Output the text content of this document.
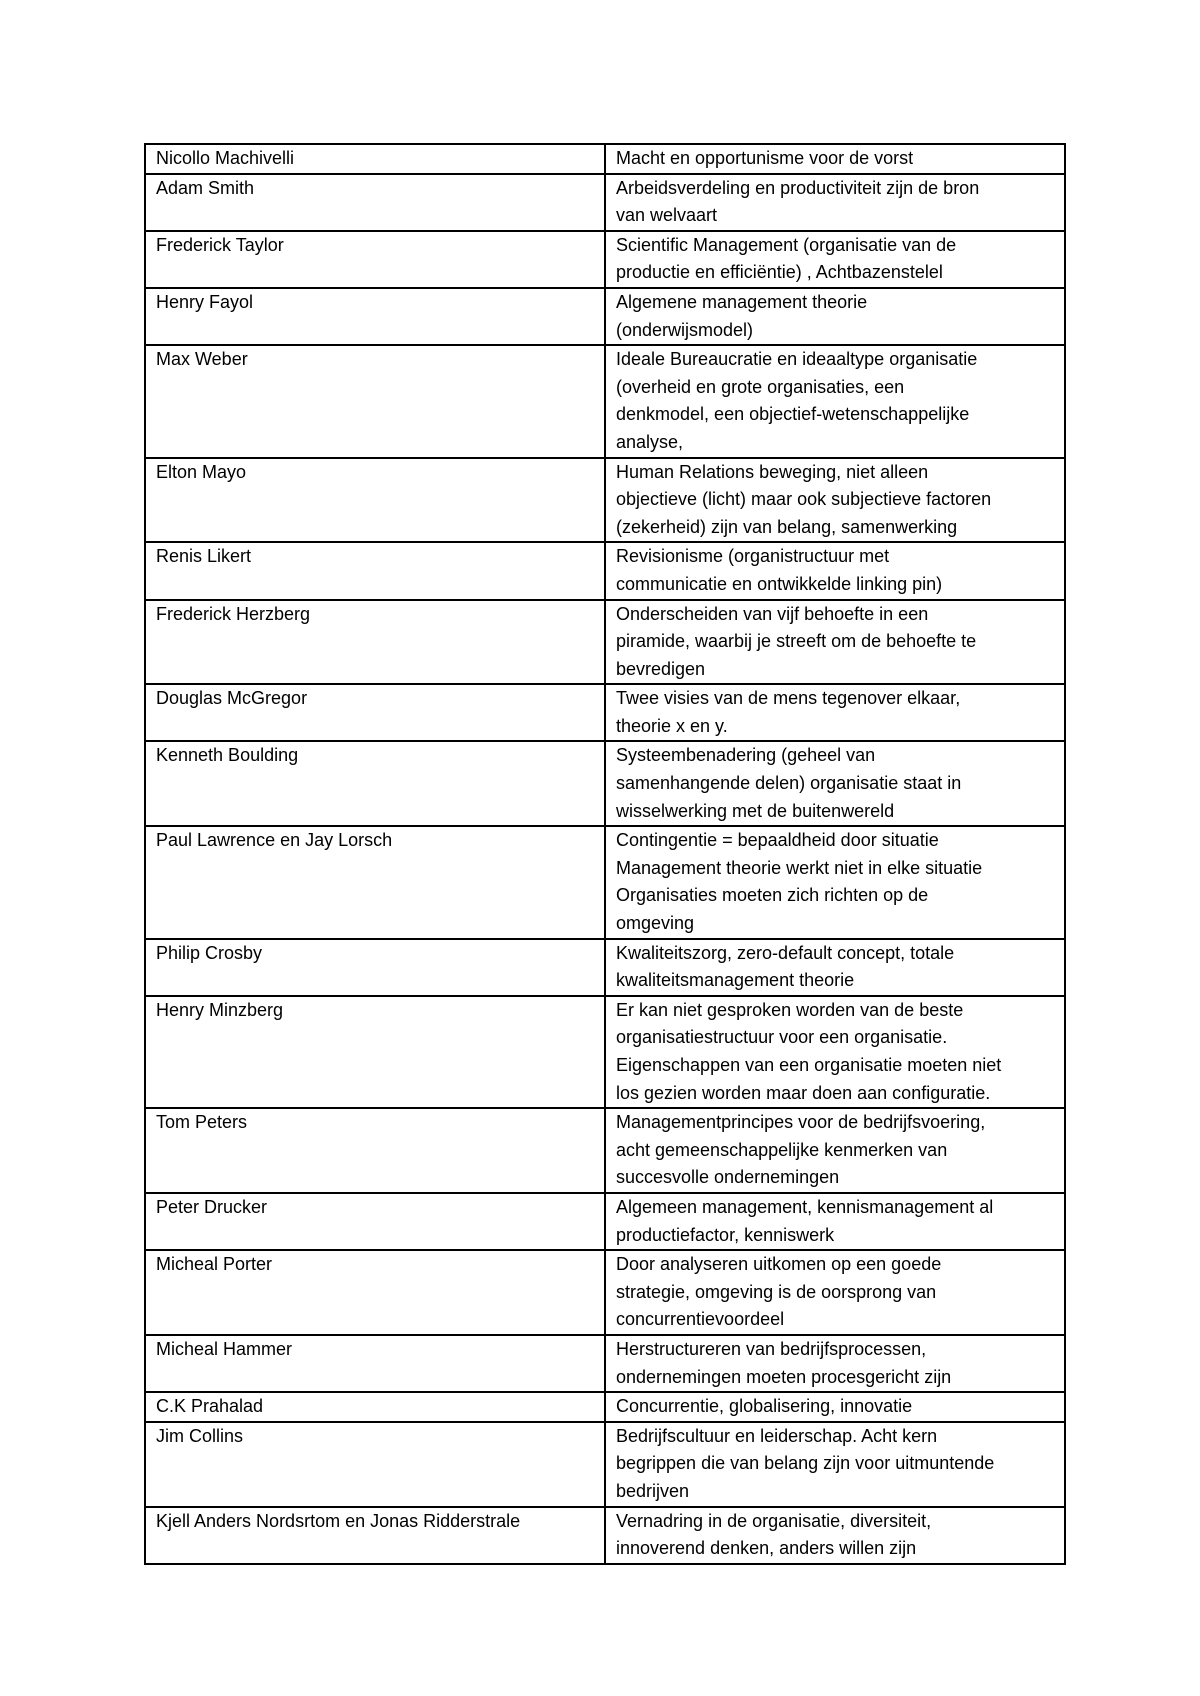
Nicollo Machivelli	Macht en opportunisme voor de vorst

Adam Smith	Arbeidsverdeling en productiviteit zijn de bron
van welvaart

Frederick Taylor	Scientific Management (organisatie van de
productie en efficiëntie) , Achtbazenstelel

Henry Fayol	Algemene management theorie
(onderwijsmodel)

Max Weber	Ideale Bureaucratie en ideaaltype organisatie
(overheid en grote organisaties, een
denkmodel, een objectief-wetenschappelijke
analyse,

Elton Mayo	Human Relations beweging, niet alleen
objectieve (licht) maar ook subjectieve factoren
(zekerheid) zijn van belang, samenwerking

Renis Likert	Revisionisme (organistructuur met
communicatie en ontwikkelde linking pin)

Frederick Herzberg	Onderscheiden van vijf behoefte in een
piramide, waarbij je streeft om de behoefte te
bevredigen

Douglas McGregor	Twee visies van de mens tegenover elkaar,
theorie x en y.

Kenneth Boulding	Systeembenadering (geheel van
samenhangende delen) organisatie staat in
wisselwerking met de buitenwereld

Paul Lawrence en Jay Lorsch	Contingentie = bepaaldheid door situatie
Management theorie werkt niet in elke situatie
Organisaties moeten zich richten op de
omgeving

Philip Crosby	Kwaliteitszorg, zero-default concept, totale
kwaliteitsmanagement theorie

Henry Minzberg	Er kan niet gesproken worden van de beste
organisatiestructuur voor een organisatie.
Eigenschappen van een organisatie moeten niet
los gezien worden maar doen aan configuratie.

Tom Peters	Managementprincipes voor de bedrijfsvoering,
acht gemeenschappelijke kenmerken van
succesvolle ondernemingen

Peter Drucker	Algemeen management, kennismanagement al
productiefactor, kenniswerk

Micheal Porter	Door analyseren uitkomen op een goede
strategie, omgeving is de oorsprong van
concurrentievoordeel

Micheal Hammer	Herstructureren van bedrijfsprocessen,
ondernemingen moeten procesgericht zijn

C.K Prahalad	Concurrentie, globalisering, innovatie

Jim Collins	Bedrijfscultuur en leiderschap. Acht kern
begrippen die van belang zijn voor uitmuntende
bedrijven

Kjell Anders Nordsrtom en Jonas Ridderstrale	Vernadring in de organisatie, diversiteit,
innoverend denken, anders willen zijn
